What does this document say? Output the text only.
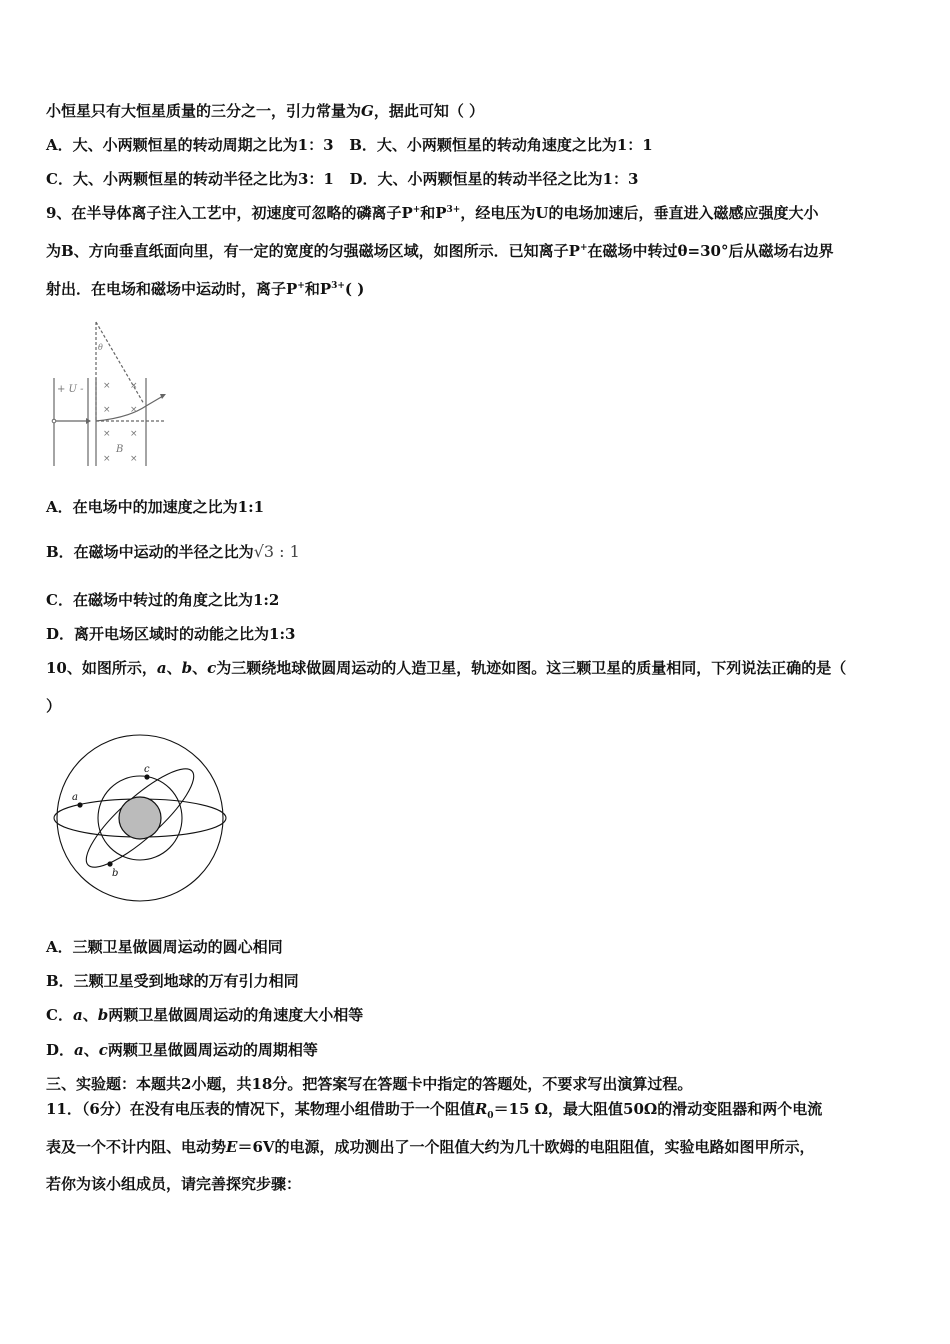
小恒星只有大恒星质量的三分之一，引力常量为G，据此可知（ ）
A．大、小两颗恒星的转动周期之比为1：3 B．大、小两颗恒星的转动角速度之比为1：1
C．大、小两颗恒星的转动半径之比为3：1 D．大、小两颗恒星的转动半径之比为1：3
9、在半导体离子注入工艺中，初速度可忽略的磷离子P+和$P^{3+}$，经电压为U的电场加速后，垂直进入磁感应强度大小
为B、方向垂直纸面向里，有一定的宽度的匀强磁场区域，如图所示．已知离子P+在磁场中转过θ=30°后从磁场右边界
射出．在电场和磁场中运动时，离子P+和$P^{3+}$( )
+ U -
B
θ
× ×
× ×
× ×
× ×
A．在电场中的加速度之比为1:1
B．在磁场中运动的半径之比为√3 : 1
C．在磁场中转过的角度之比为1:2
D．离开电场区域时的动能之比为1:3
10、如图所示，a、b、c为三颗绕地球做圆周运动的人造卫星，轨迹如图。这三颗卫星的质量相同，下列说法正确的是（
）
a
c
b
A．三颗卫星做圆周运动的圆心相同
B．三颗卫星受到地球的万有引力相同
C．a、b两颗卫星做圆周运动的角速度大小相等
D．a、c两颗卫星做圆周运动的周期相等
三、实验题：本题共2小题，共18分。把答案写在答题卡中指定的答题处，不要求写出演算过程。
11．（6分）在没有电压表的情况下，某物理小组借助于一个阻值$R_0=15$ Ω，最大阻值50Ω的滑动变阻器和两个电流
表及一个不计内阻、电动势E＝6V的电源，成功测出了一个阻值大约为几十欧姆的电阻阻值，实验电路如图甲所示，
若你为该小组成员，请完善探究步骤：
